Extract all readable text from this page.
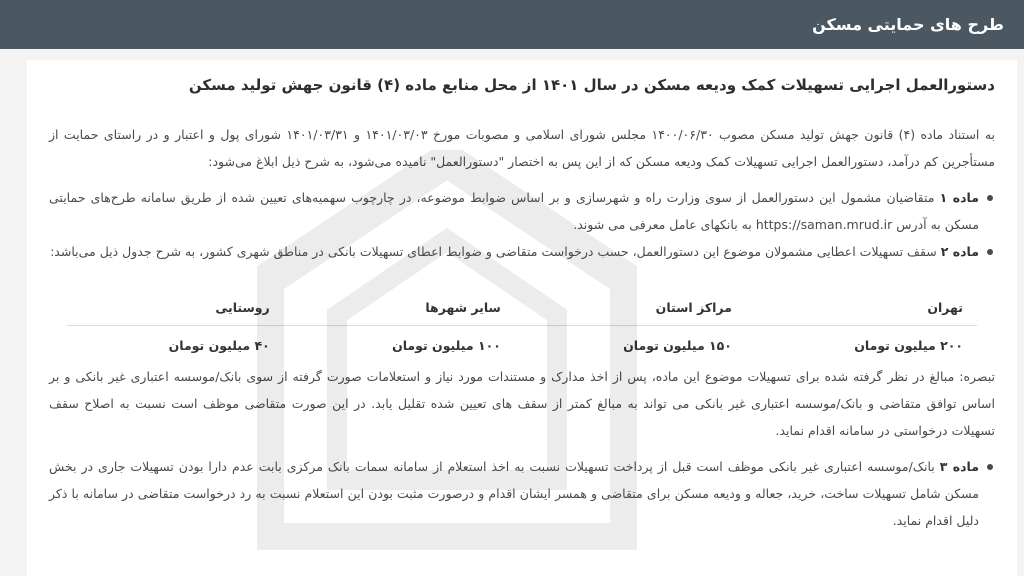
طرح های حمایتی مسکن
دستورالعمل اجرایی تسهیلات کمک ودیعه مسکن در سال ۱۴۰۱ از محل منابع ماده (۴) قانون جهش تولید مسکن

به استناد ماده (۴) قانون جهش تولید مسکن مصوب ۱۴۰۰/۰۶/۳۰ مجلس شورای اسلامی و مصوبات مورخ ۱۴۰۱/۰۳/۰۳ و ۱۴۰۱/۰۳/۳۱ شورای پول و اعتبار و در راستای حمایت از مستأجرین کم درآمد، دستورالعمل اجرایی تسهیلات کمک ودیعه مسکن که از این پس به اختصار "دستورالعمل" نامیده می‌شود، به شرح ذیل ابلاغ می‌شود:

ماده ۱ متقاضیان مشمول این دستورالعمل از سوی وزارت راه و شهرسازی و بر اساس ضوابط موضوعه، در چارچوب سهمیه‌های تعیین شده از طریق سامانه طرح‌های حمایتی مسکن به آدرس https://saman.mrud.ir به بانکهای عامل معرفی می شوند.
ماده ۲ سقف تسهیلات اعطایی مشمولان موضوع این دستورالعمل، حسب درخواست متقاضی و ضوابط اعطای تسهیلات بانکی در مناطق شهری کشور، به شرح جدول ذیل می‌باشد:
تهران	مراکز استان	سایر شهرها	روستایی
۲۰۰ میلیون تومان	۱۵۰ میلیون تومان	۱۰۰ میلیون تومان	۴۰ میلیون تومان

تبصره: مبالغ در نظر گرفته شده برای تسهیلات موضوع این ماده، پس از اخذ مدارک و مستندات مورد نیاز و استعلامات صورت گرفته از سوی بانک/موسسه اعتباری غیر بانکی و بر اساس توافق متقاضی و بانک/موسسه اعتباری غیر بانکی می تواند به مبالغ کمتر از سقف های تعیین شده تقلیل یابد. در این صورت متقاضی موظف است نسبت به اصلاح سقف تسهیلات درخواستی در سامانه اقدام نماید.

ماده ۳ بانک/موسسه اعتباری غیر بانکی موظف است قبل از پرداخت تسهیلات نسبت به اخذ استعلام از سامانه سمات بانک مرکزی بابت عدم دارا بودن تسهیلات جاری در بخش مسکن شامل تسهیلات ساخت، خرید، جعاله و ودیعه مسکن برای متقاضی و همسر ایشان اقدام و درصورت مثبت بودن این استعلام نسبت به رد درخواست متقاضی در سامانه با ذکر دلیل اقدام نماید.
